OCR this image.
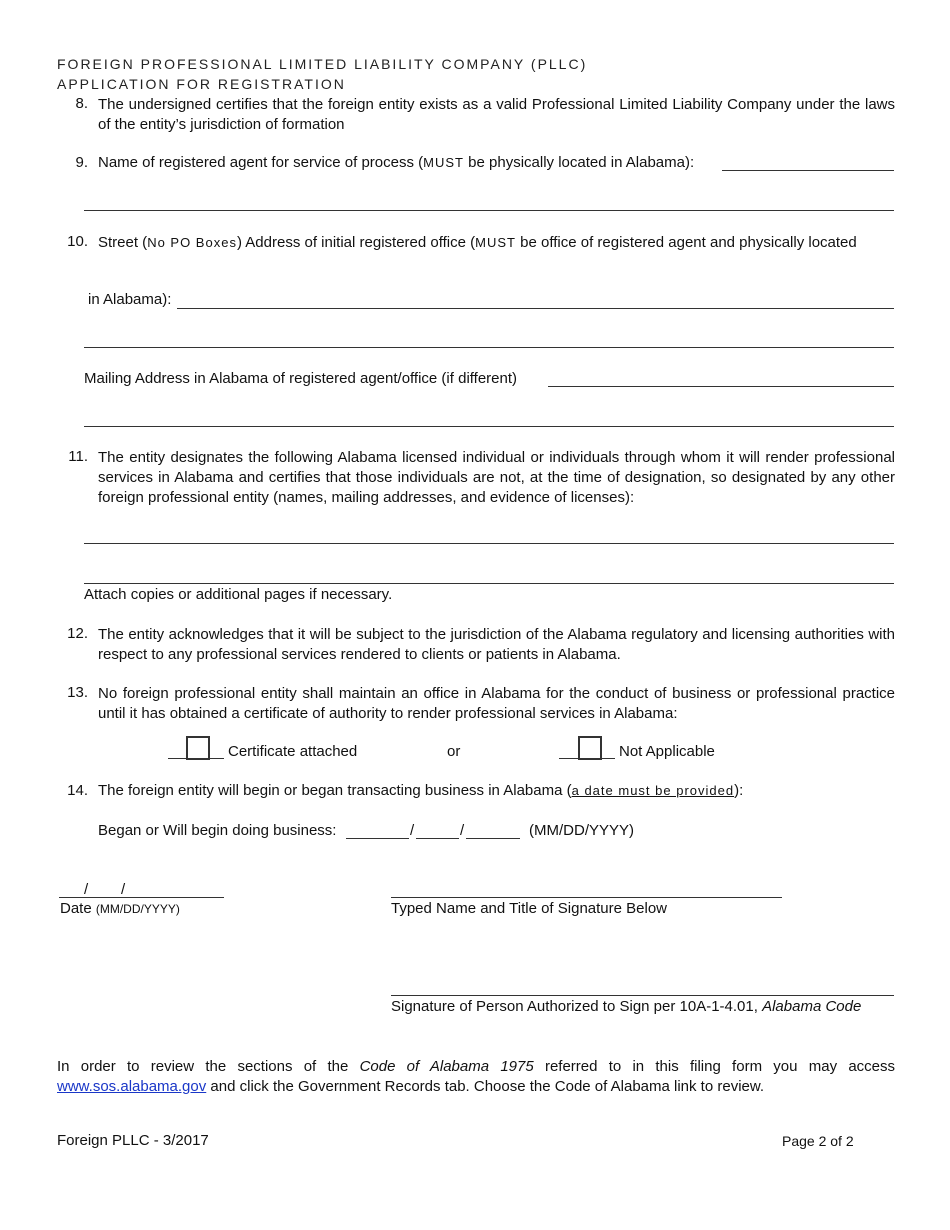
FOREIGN PROFESSIONAL LIMITED LIABILITY COMPANY (PLLC)
APPLICATION FOR REGISTRATION
8. The undersigned certifies that the foreign entity exists as a valid Professional Limited Liability Company under the laws of the entity’s jurisdiction of formation
9. Name of registered agent for service of process (MUST be physically located in Alabama):
10. Street (No PO Boxes) Address of initial registered office (MUST be office of registered agent and physically located
in Alabama):
Mailing Address in Alabama of registered agent/office (if different)
11. The entity designates the following Alabama licensed individual or individuals through whom it will render professional services in Alabama and certifies that those individuals are not, at the time of designation, so designated by any other foreign professional entity (names, mailing addresses, and evidence of licenses):
Attach copies or additional pages if necessary.
12. The entity acknowledges that it will be subject to the jurisdiction of the Alabama regulatory and licensing authorities with respect to any professional services rendered to clients or patients in Alabama.
13. No foreign professional entity shall maintain an office in Alabama for the conduct of business or professional practice until it has obtained a certificate of authority to render professional services in Alabama:
Certificate attached	or	Not Applicable
14. The foreign entity will begin or began transacting business in Alabama (a date must be provided):
Began or Will begin doing business:	/	/	(MM/DD/YYYY)
/ /
Date (MM/DD/YYYY)	Typed Name and Title of Signature Below
Signature of Person Authorized to Sign per 10A-1-4.01, Alabama Code
In order to review the sections of the Code of Alabama 1975 referred to in this filing form you may access www.sos.alabama.gov and click the Government Records tab. Choose the Code of Alabama link to review.
Foreign PLLC - 3/2017	Page 2 of 2
